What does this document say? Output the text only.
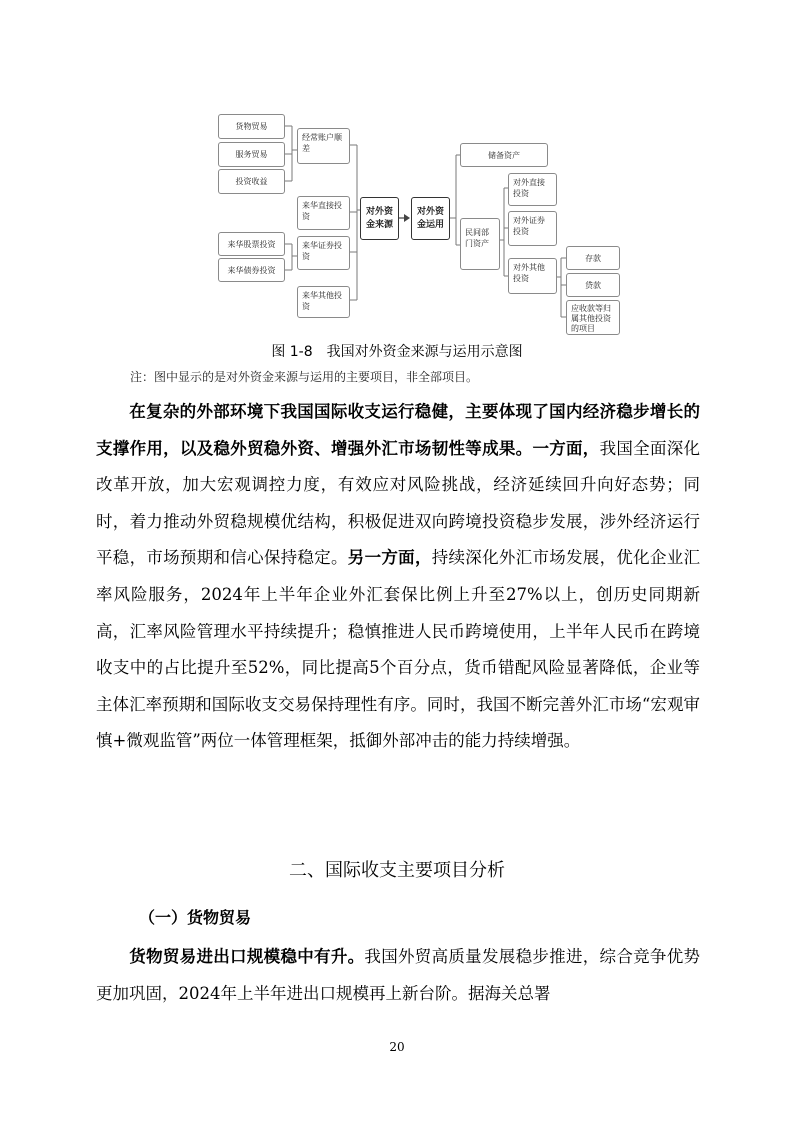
货物贸易
服务贸易
投资收益
来华股票投资
来华债券投资
经常账户顺差
来华直接投资
来华证券投资
来华其他投资
对外资金来源
对外资金运用
储备资产
民间部门资产
对外直接投资
对外证券投资
对外其他投资
存款
贷款
应收款等归属其他投资的项目
图 1-8　我国对外资金来源与运用示意图
注：图中显示的是对外资金来源与运用的主要项目，非全部项目。

在复杂的外部环境下我国国际收支运行稳健，主要体现了国内经济稳步增长的支撑作用，以及稳外贸稳外资、增强外汇市场韧性等成果。一方面，我国全面深化改革开放，加大宏观调控力度，有效应对风险挑战，经济延续回升向好态势；同时，着力推动外贸稳规模优结构，积极促进双向跨境投资稳步发展，涉外经济运行平稳，市场预期和信心保持稳定。另一方面，持续深化外汇市场发展，优化企业汇率风险服务，2024年上半年企业外汇套保比例上升至27%以上，创历史同期新高，汇率风险管理水平持续提升；稳慎推进人民币跨境使用，上半年人民币在跨境收支中的占比提升至52%，同比提高5个百分点，货币错配风险显著降低，企业等主体汇率预期和国际收支交易保持理性有序。同时，我国不断完善外汇市场“宏观审慎+微观监管”两位一体管理框架，抵御外部冲击的能力持续增强。

二、国际收支主要项目分析
（一）货物贸易

货物贸易进出口规模稳中有升。我国外贸高质量发展稳步推进，综合竞争优势更加巩固，2024年上半年进出口规模再上新台阶。据海关总署

20
